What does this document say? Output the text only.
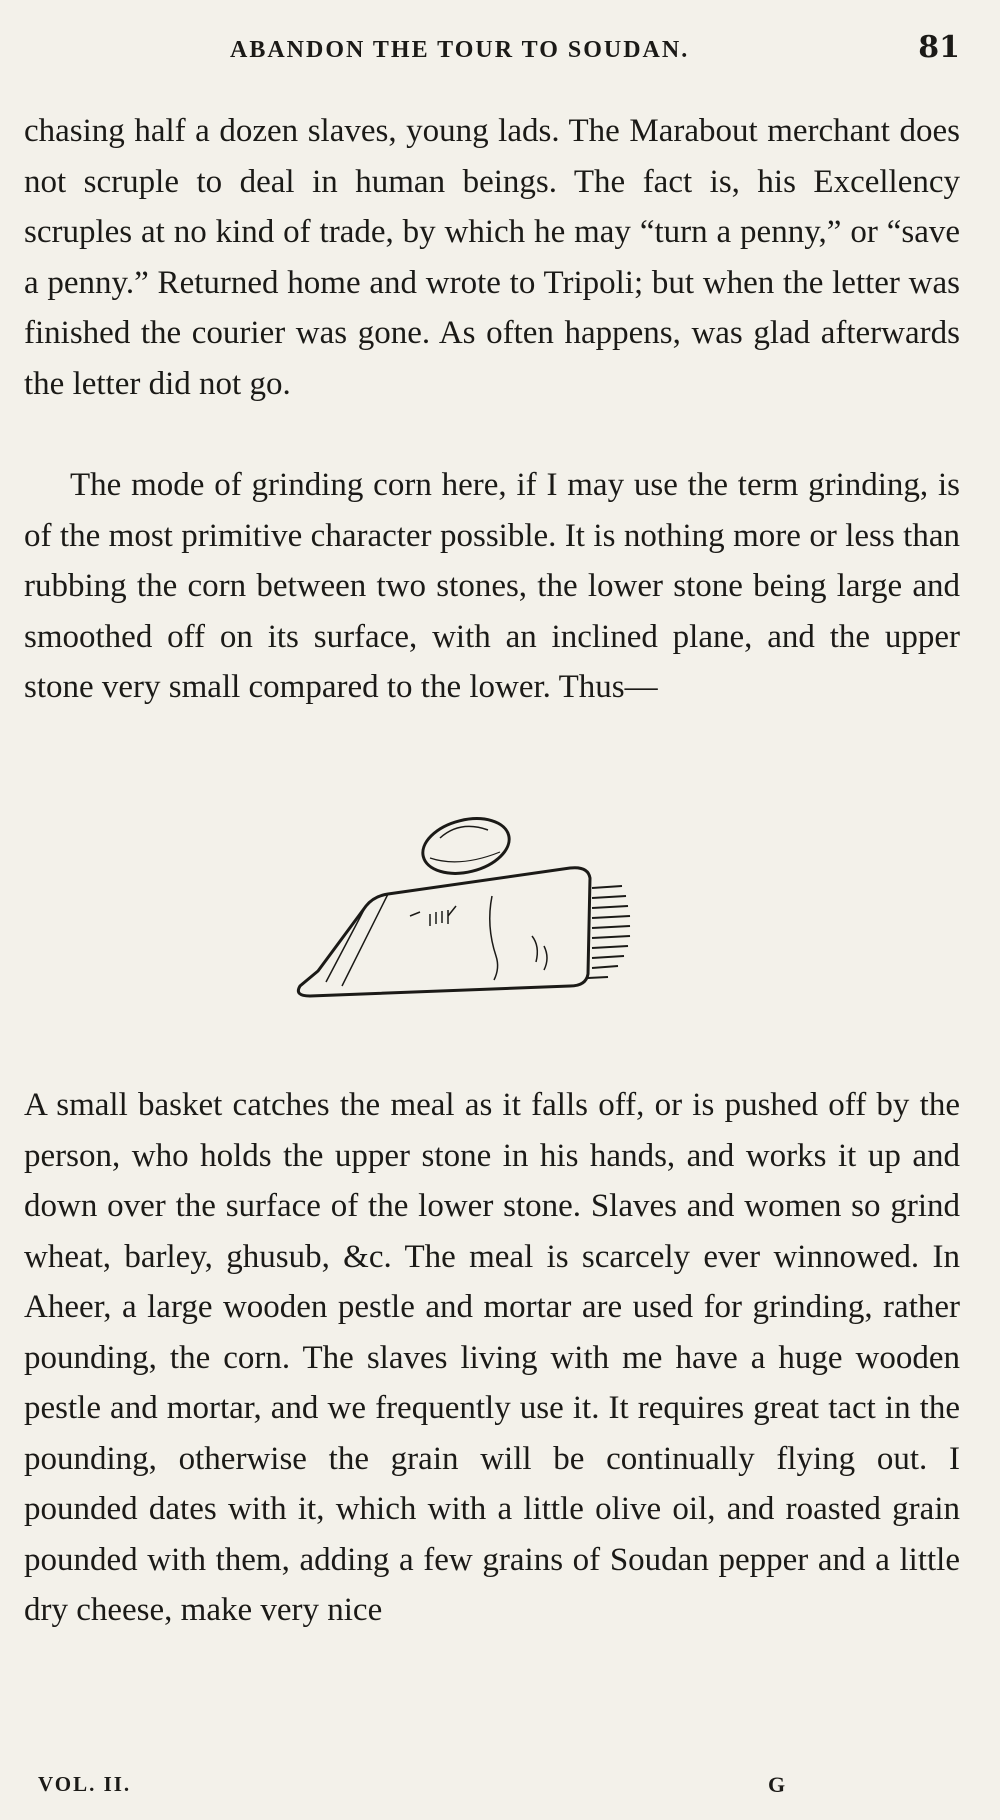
ABANDON THE TOUR TO SOUDAN.	81

chasing half a dozen slaves, young lads. The Marabout merchant does not scruple to deal in human beings. The fact is, his Excellency scruples at no kind of trade, by which he may “turn a penny,” or “save a penny.” Returned home and wrote to Tripoli; but when the letter was finished the courier was gone. As often happens, was glad afterwards the letter did not go.

The mode of grinding corn here, if I may use the term grinding, is of the most primitive character possible. It is nothing more or less than rubbing the corn between two stones, the lower stone being large and smoothed off on its surface, with an inclined plane, and the upper stone very small compared to the lower. Thus—

A small basket catches the meal as it falls off, or is pushed off by the person, who holds the upper stone in his hands, and works it up and down over the surface of the lower stone. Slaves and women so grind wheat, barley, ghusub, &c. The meal is scarcely ever winnowed. In Aheer, a large wooden pestle and mortar are used for grinding, rather pounding, the corn. The slaves living with me have a huge wooden pestle and mortar, and we frequently use it. It requires great tact in the pounding, otherwise the grain will be continually flying out. I pounded dates with it, which with a little olive oil, and roasted grain pounded with them, adding a few grains of Soudan pepper and a little dry cheese, make very nice

VOL. II.	G
